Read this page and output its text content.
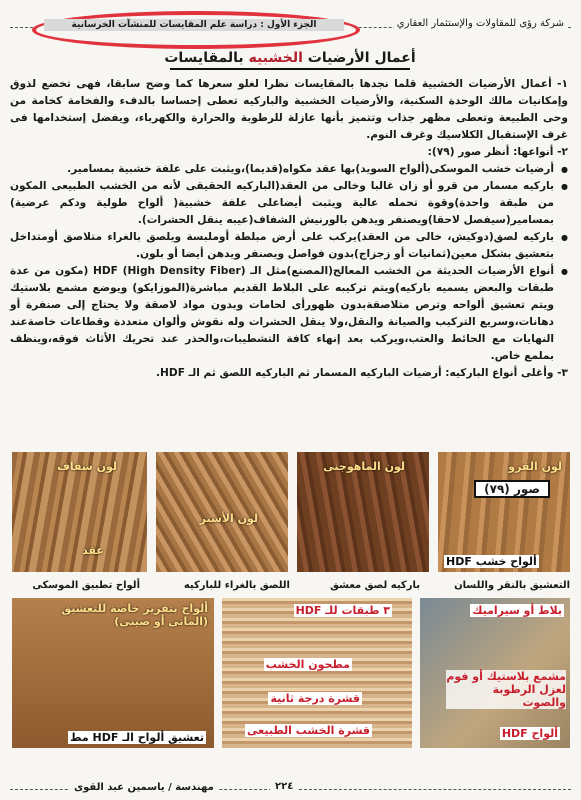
شركة رؤى للمقاولات والإستثمار العقاري
الجزء الأول : دراسة علم المقايسات للمنشآت الخرسانية
أعمال الأرضيات الخشبيه بالمقايسات

١- أعمال الأرضيات الخشبية قلما نجدها بالمقايسات نظرا لغلو سعرها كما وضح سابقا، فهى تخضع لذوق وإمكانيات مالك الوحدة السكنية، والأرضيات الخشبية والباركيه تعطى إحساسا بالدفء والفخامة كخامة من وحى الطبيعة وتعطى مظهر جذاب وتتميز بأنها عازلة للرطوبة والحرارة والكهرباء، ويفضل إستخدامها فى غرف الإستقبال الكلاسيك وغرف النوم.

٢- أنواعها: أنظر صور (٧٩):

● أرضيات خشب الموسكى(ألواح السويد)بها عقد مكواه(قديما)،ويثبت على علفة خشبية بمسامير.

● باركيه مسمار من قرو أو زان غالبا وخالى من العقد(الباركيه الحقيقى لأنه من الخشب الطبيعى المكون من طبقة واحدة)وقوة تحمله عالية ويثبت أيضاعلى علفة خشبية( ألواح طولية ودكم عرضية) بمسامير(سيفصل لاحقا)ويصنفر ويدهن بالورنيش الشفاف(عيبه ينقل الحشرات).

● باركيه لصق(دوكيش، خالى من العقد)يركب على أرض مبلطة أوملبسة ويلصق بالغراء متلاصق أومتداخل بتعشيق بشكل معين(ثمانيات أو زجزاج)بدون فواصل ويصنفر ويدهن أيضا أو بلون.

● أنواع الأرضيات الحديثة من الخشب المعالج(المصنع)مثل الـ HDF (High Density Fiber) (مكون من عدة طبقات والبعض يسميه باركيه)ويتم تركيبه على البلاط القديم مباشرة(الموزايكو) ويوضع مشمع بلاستيك ويتم تعشيق ألواحه وترص متلاصقةبدون ظهورأى لحامات وبدون مواد لاصقة ولا يحتاج إلى صنفرة أو دهانات،وسريع التركيب والصيانة والنقل،ولا ينقل الحشرات وله نقوش وألوان متعددة وقطاعات خاصةعند النهايات مع الحائط والعتب،ويركب بعد إنهاء كافة التشطيبات،والحذر عند تحريك الأثاث فوقه،وينظف بملمع خاص.

٣- وأغلى أنواع الباركيه: أرضيات الباركيه المسمار ثم الباركيه اللصق ثم الـ HDF.

لون القرو
صور (٧٩)
ألواح خشب HDF
لون الماهوجنى
لون الأستر
لون شفاف
عقد
التعشيق بالنقر واللسان
باركيه لصق معشق
اللصق بالغراء للباركيه
ألواح تطبيق الموسكى
بلاط أو سيراميك
مشمع بلاستيك أو فوم لعزل الرطوبة والصوت
ألواح HDF
٣ طبقات للـ HDF
مطحون الخشب
قشرة درجة ثانية
قشرة الخشب الطبيعى
ألواح بتفريز خاصة للتعشيق (المانى أو صينى)
تعشيق ألواح الـ HDF مط
٢٢٤
مهندسة / ياسمين عبد القوى
